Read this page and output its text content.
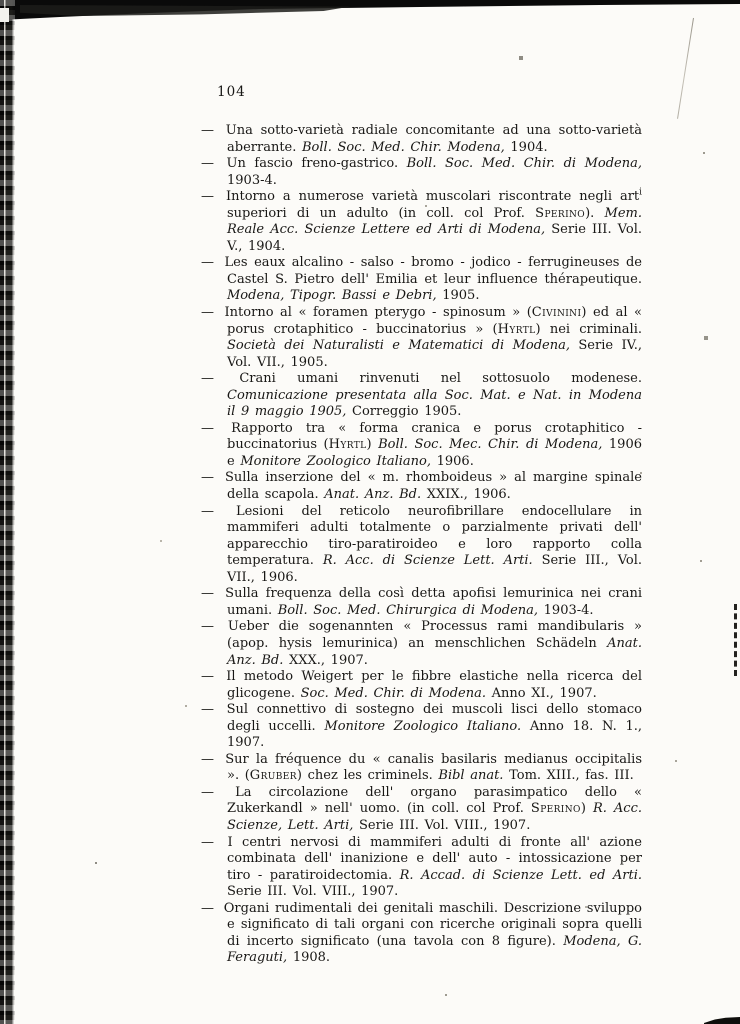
104
— Una sotto-varietà radiale concomitante ad una sotto-varietà aberrante. Boll. Soc. Med. Chir. Modena, 1904.
— Un fascio freno-gastrico. Boll. Soc. Med. Chir. di Modena, 1903-4.
— Intorno a numerose varietà muscolari riscontrate negli art$^i$ superiori di un adulto (in coll. col Prof. Sperino). Mem. Reale Acc. Scienze Lettere ed Arti di Modena, Serie III. Vol. V., 1904.
— Les eaux alcalino - salso - bromo - jodico - ferrugineuses de Castel S. Pietro dell' Emilia et leur influence thérapeutique. Modena, Tipogr. Bassi e Debri, 1905.
— Intorno al « foramen pterygo - spinosum » (Civinini) ed al « porus crotaphitico - buccinatorius » (Hyrtl) nei criminali. Società dei Naturalisti e Matematici di Modena, Serie IV., Vol. VII., 1905.
— Crani umani rinvenuti nel sottosuolo modenese. Comunicazione presentata alla Soc. Mat. e Nat. in Modena il 9 maggio 1905, Correggio 1905.
— Rapporto tra « forma cranica e porus crotaphitico - buccinatorius (Hyrtl) Boll. Soc. Mec. Chir. di Modena, 1906 e Monitore Zoologico Italiano, 1906.
— Sulla inserzione del « m. rhomboideus » al margine spinale della scapola. Anat. Anz. Bd. XXIX., 1906.
— Lesioni del reticolo neurofibrillare endocellulare in mammiferi adulti totalmente o parzialmente privati dell' apparecchio tiro-paratiroideo e loro rapporto colla temperatura. R. Acc. di Scienze Lett. Arti. Serie III., Vol. VII., 1906.
— Sulla frequenza della così detta apofisi lemurinica nei crani umani. Boll. Soc. Med. Chirurgica di Modena, 1903-4.
— Ueber die sogenannten « Processus rami mandibularis » (apop. hysis lemurinica) an menschlichen Schädeln Anat. Anz. Bd. XXX., 1907.
— Il metodo Weigert per le fibbre elastiche nella ricerca del glicogene. Soc. Med. Chir. di Modena. Anno XI., 1907.
— Sul connettivo di sostegno dei muscoli lisci dello stomaco degli uccelli. Monitore Zoologico Italiano. Anno 18. N. 1., 1907.
— Sur la fréquence du « canalis basilaris medianus occipitalis ». (Gruber) chez les criminels. Bibl anat. Tom. XIII., fas. III.
— La circolazione dell' organo parasimpatico dello « Zukerkandl » nell' uomo. (in coll. col Prof. Sperino) R. Acc. Scienze, Lett. Arti, Serie III. Vol. VIII., 1907.
— I centri nervosi di mammiferi adulti di fronte all' azione combinata dell' inanizione e dell' auto - intossicazione per tiro - paratiroidectomia. R. Accad. di Scienze Lett. ed Arti. Serie III. Vol. VIII., 1907.
— Organi rudimentali dei genitali maschili. Descrizione sviluppo e significato di tali organi con ricerche originali sopra quelli di incerto significato (una tavola con 8 figure). Modena, G. Feraguti, 1908.
